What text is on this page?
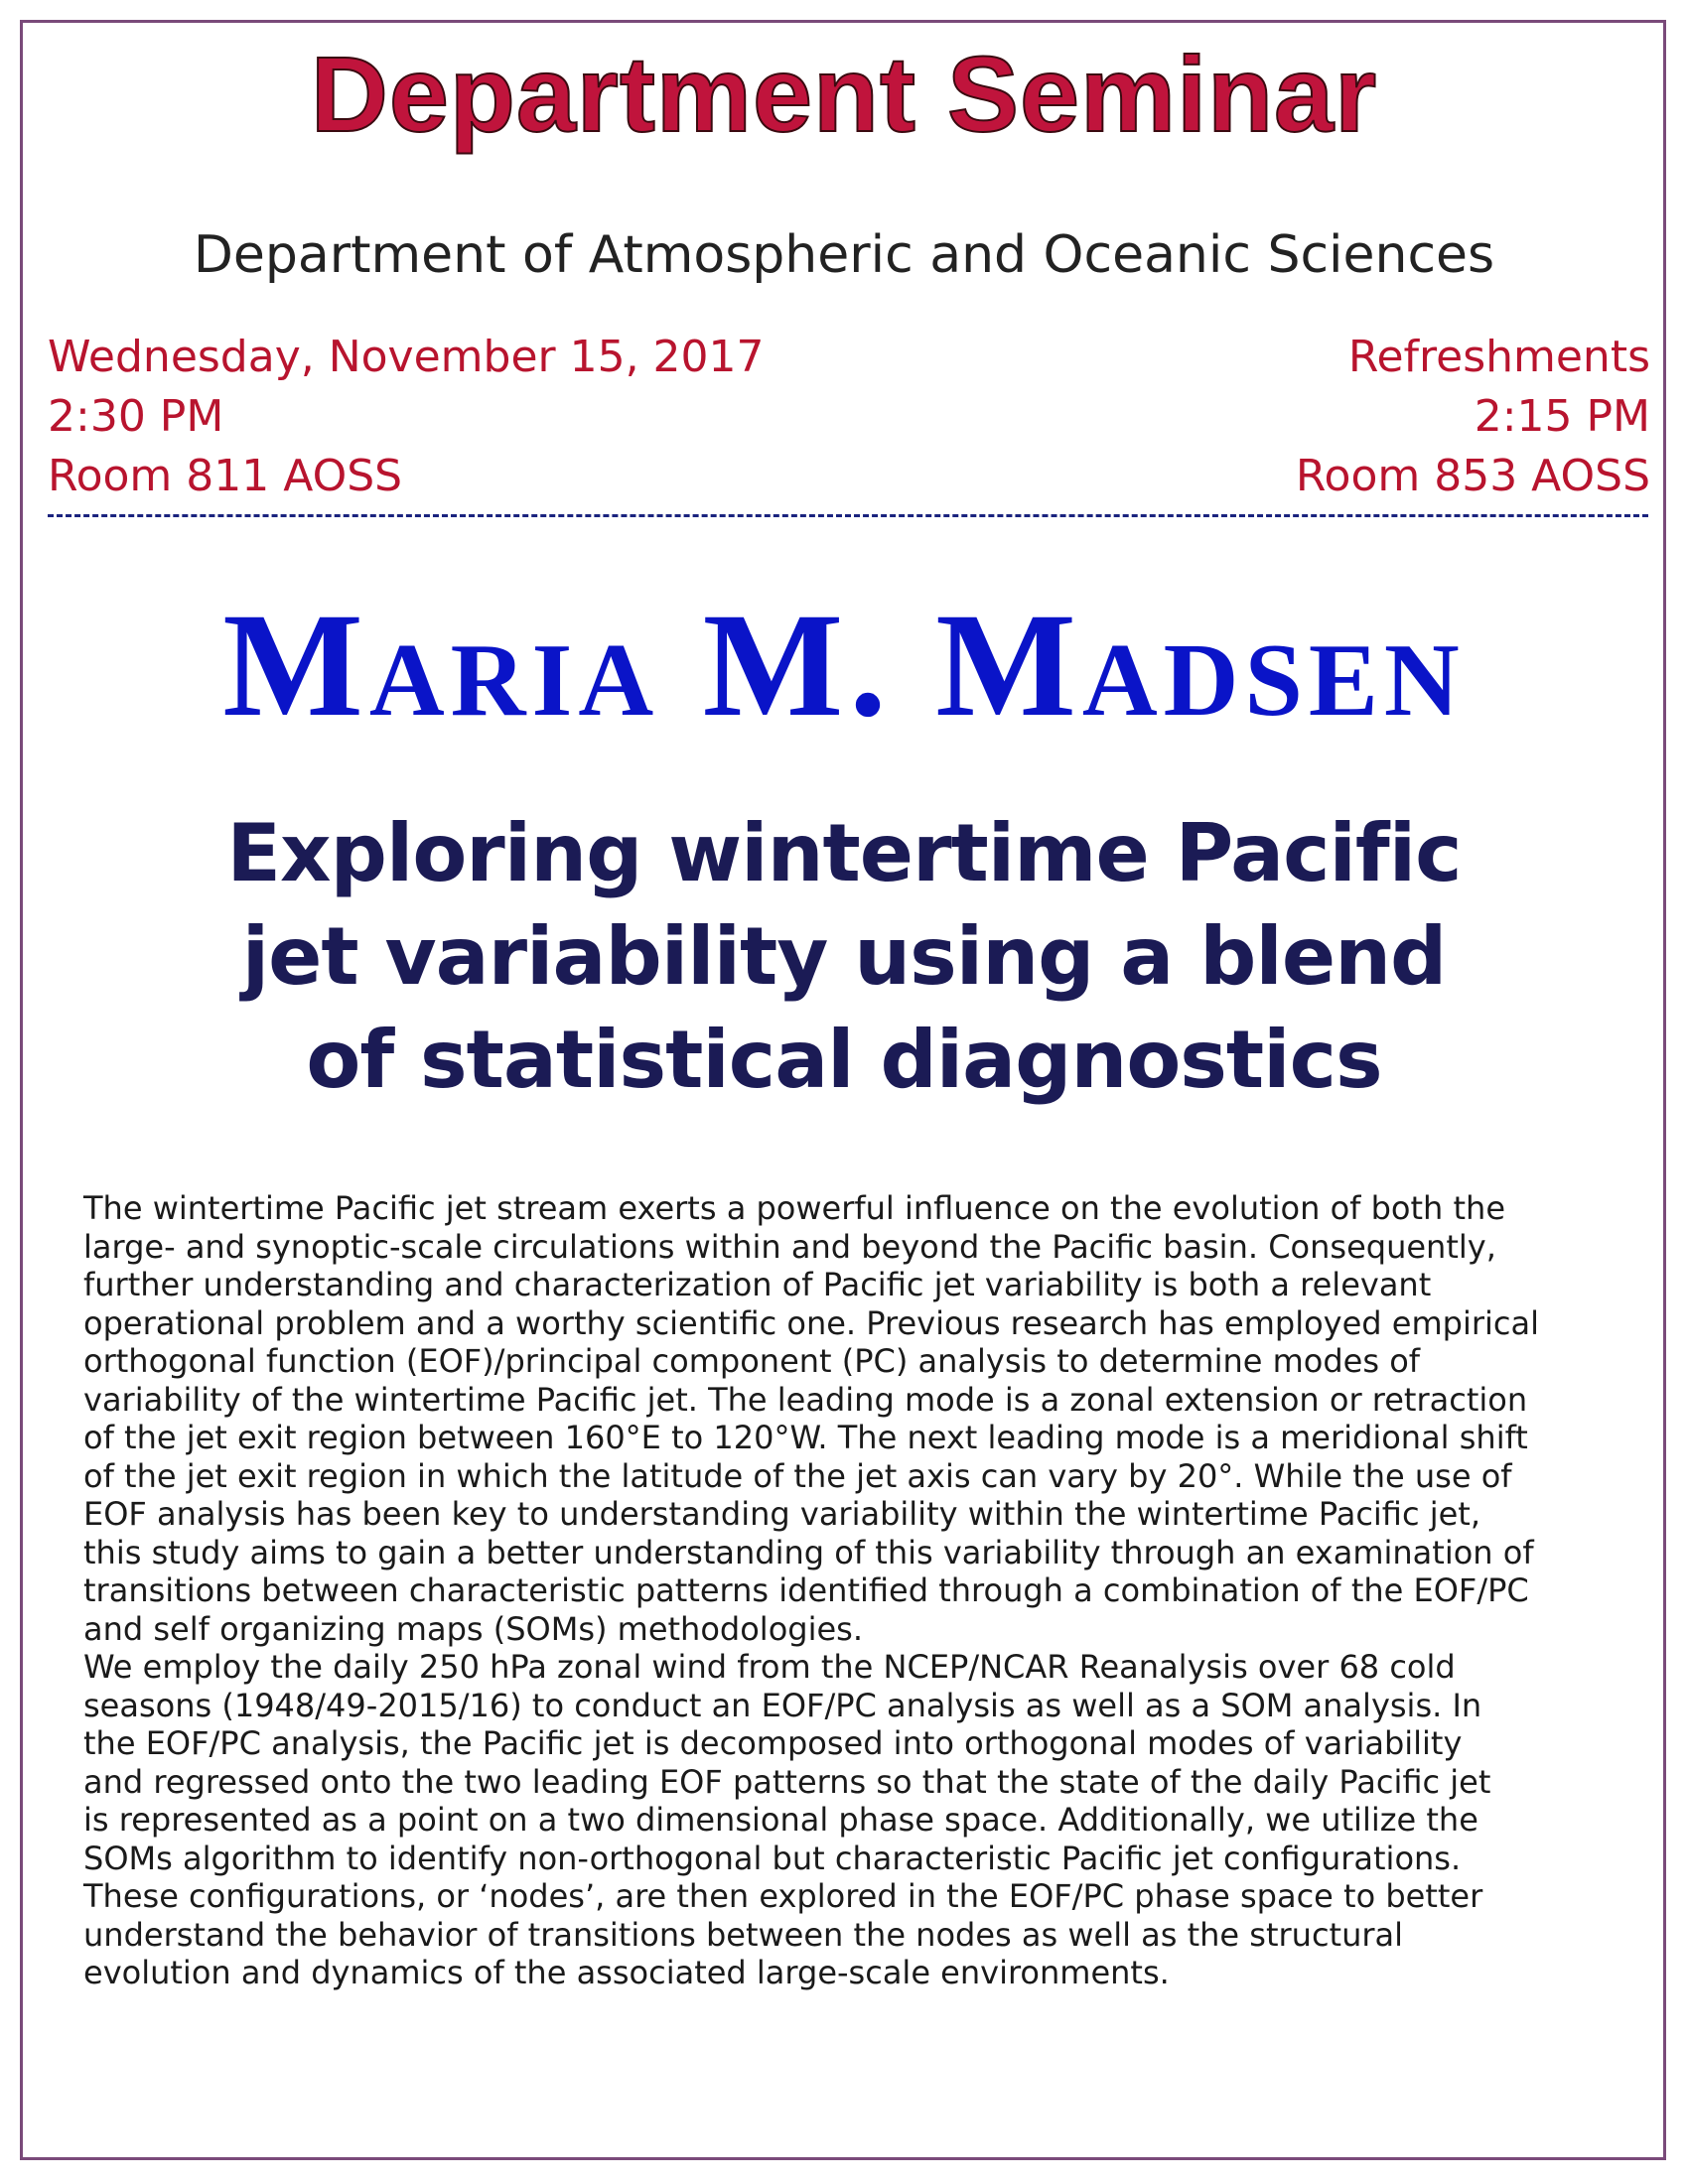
Department Seminar
Department of Atmospheric and Oceanic Sciences
Wednesday, November 15, 2017
2:30 PM
Room 811 AOSS
Refreshments
2:15 PM
Room 853 AOSS
Maria M. Madsen
Exploring wintertime Pacific
jet variability using a blend
of statistical diagnostics

The wintertime Pacific jet stream exerts a powerful influence on the evolution of both the
large- and synoptic-scale circulations within and beyond the Pacific basin. Consequently,
further understanding and characterization of Pacific jet variability is both a relevant
operational problem and a worthy scientific one. Previous research has employed empirical
orthogonal function (EOF)/principal component (PC) analysis to determine modes of
variability of the wintertime Pacific jet. The leading mode is a zonal extension or retraction
of the jet exit region between 160°E to 120°W. The next leading mode is a meridional shift
of the jet exit region in which the latitude of the jet axis can vary by 20°. While the use of
EOF analysis has been key to understanding variability within the wintertime Pacific jet,
this study aims to gain a better understanding of this variability through an examination of
transitions between characteristic patterns identified through a combination of the EOF/PC
and self organizing maps (SOMs) methodologies.

We employ the daily 250 hPa zonal wind from the NCEP/NCAR Reanalysis over 68 cold
seasons (1948/49-2015/16) to conduct an EOF/PC analysis as well as a SOM analysis. In
the EOF/PC analysis, the Pacific jet is decomposed into orthogonal modes of variability
and regressed onto the two leading EOF patterns so that the state of the daily Pacific jet
is represented as a point on a two dimensional phase space. Additionally, we utilize the
SOMs algorithm to identify non-orthogonal but characteristic Pacific jet configurations.
These configurations, or ‘nodes’, are then explored in the EOF/PC phase space to better
understand the behavior of transitions between the nodes as well as the structural
evolution and dynamics of the associated large-scale environments.
